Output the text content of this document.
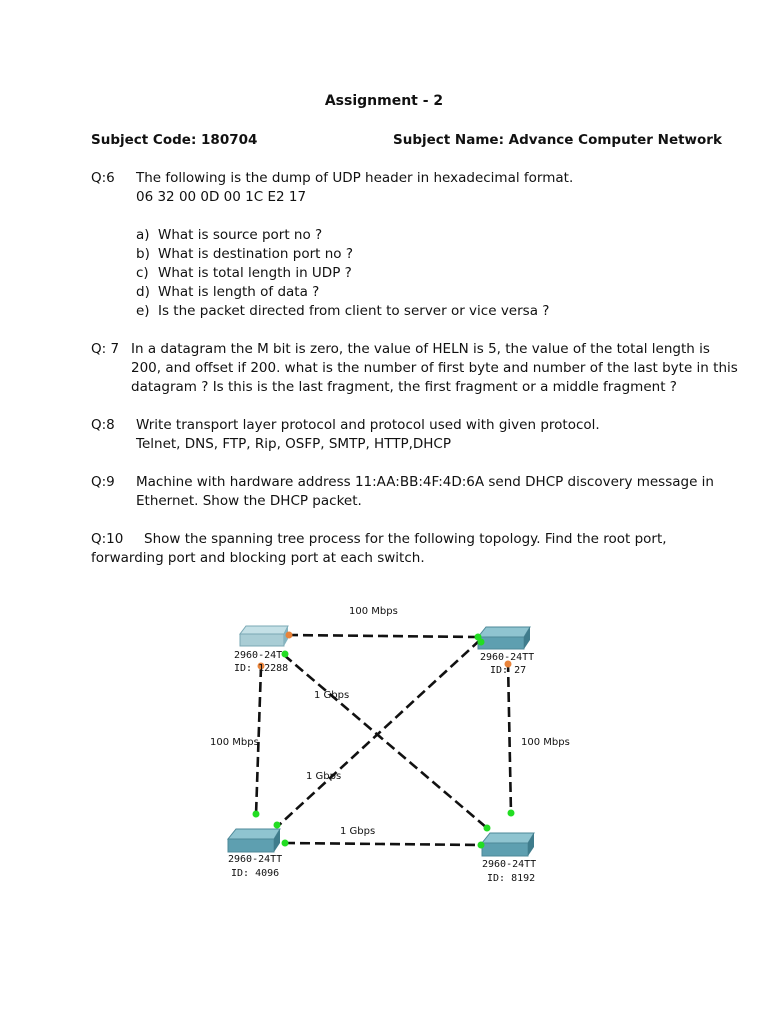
Assignment - 2
Subject Code: 180704	Subject Name: Advance Computer Network
Q:6 The following is the dump of UDP header in hexadecimal format.
06 32 00 0D 00 1C E2 17
a) What is source port no ?
b) What is destination port no ?
c) What is total length in UDP ?
d) What is length of data ?
e) Is the packet directed from client to server or vice versa ?
Q: 7 In a datagram the M bit is zero, the value of HELN is 5, the value of the total length is
200, and offset if 200. what is the number of first byte and number of the last byte in this
datagram ? Is this is the last fragment, the first fragment or a middle fragment ?
Q:8 Write transport layer protocol and protocol used with given protocol.
Telnet, DNS, FTP, Rip, OSFP, SMTP, HTTP,DHCP
Q:9 Machine with hardware address 11:AA:BB:4F:4D:6A send DHCP discovery message in
Ethernet. Show the DHCP packet.
Q:10 Show the spanning tree process for the following topology. Find the root port,
forwarding port and blocking port at each switch.
100 Mbps
100 Mbps	100 Mbps
1 Gbps
1 Gbps
1 Gbps
2960-24T
ID: 12288
2960-24TT
ID: 27
2960-24TT
ID: 4096
2960-24TT
ID: 8192
